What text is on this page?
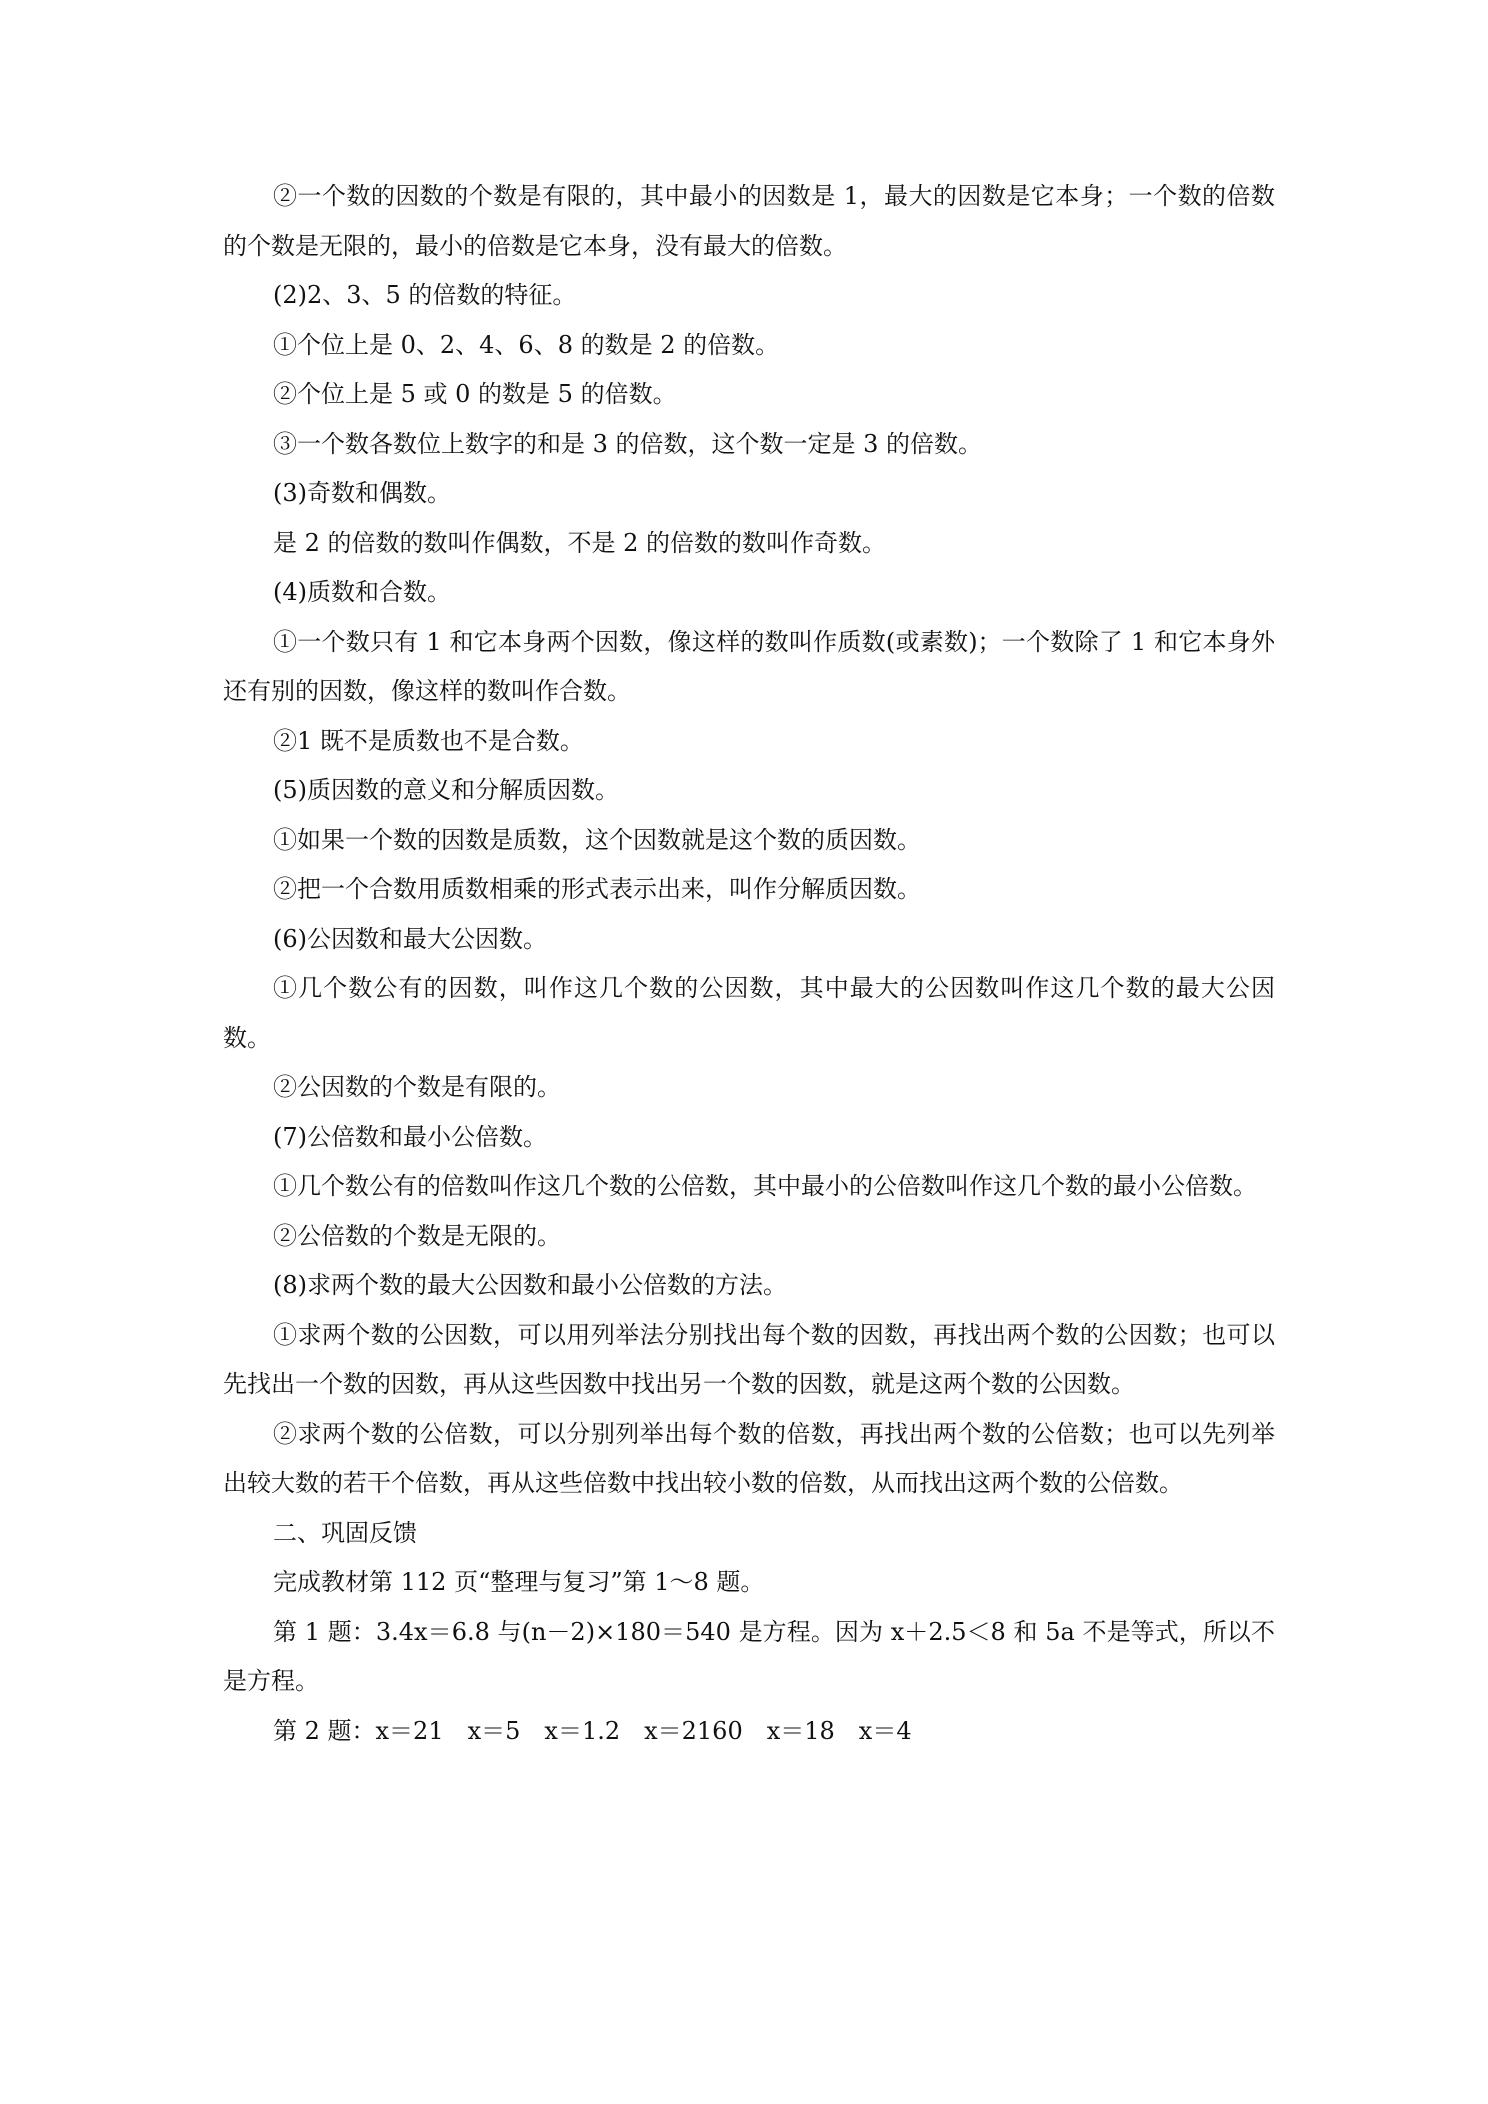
②一个数的因数的个数是有限的，其中最小的因数是 1，最大的因数是它本身；一个数的倍数的个数是无限的，最小的倍数是它本身，没有最大的倍数。

(2)2、3、5 的倍数的特征。

①个位上是 0、2、4、6、8 的数是 2 的倍数。

②个位上是 5 或 0 的数是 5 的倍数。

③一个数各数位上数字的和是 3 的倍数，这个数一定是 3 的倍数。

(3)奇数和偶数。

是 2 的倍数的数叫作偶数，不是 2 的倍数的数叫作奇数。

(4)质数和合数。

①一个数只有 1 和它本身两个因数，像这样的数叫作质数(或素数)；一个数除了 1 和它本身外还有别的因数，像这样的数叫作合数。

②1 既不是质数也不是合数。

(5)质因数的意义和分解质因数。

①如果一个数的因数是质数，这个因数就是这个数的质因数。

②把一个合数用质数相乘的形式表示出来，叫作分解质因数。

(6)公因数和最大公因数。

①几个数公有的因数，叫作这几个数的公因数，其中最大的公因数叫作这几个数的最大公因数。

②公因数的个数是有限的。

(7)公倍数和最小公倍数。

①几个数公有的倍数叫作这几个数的公倍数，其中最小的公倍数叫作这几个数的最小公倍数。

②公倍数的个数是无限的。

(8)求两个数的最大公因数和最小公倍数的方法。

①求两个数的公因数，可以用列举法分别找出每个数的因数，再找出两个数的公因数；也可以先找出一个数的因数，再从这些因数中找出另一个数的因数，就是这两个数的公因数。

②求两个数的公倍数，可以分别列举出每个数的倍数，再找出两个数的公倍数；也可以先列举出较大数的若干个倍数，再从这些倍数中找出较小数的倍数，从而找出这两个数的公倍数。

二、巩固反馈

完成教材第 112 页“整理与复习”第 1～8 题。

第 1 题：3.4x＝6.8 与(n－2)×180＝540 是方程。因为 x＋2.5＜8 和 5a 不是等式，所以不是方程。

第 2 题：x＝21　x＝5　x＝1.2　x＝2160　x＝18　x＝4
